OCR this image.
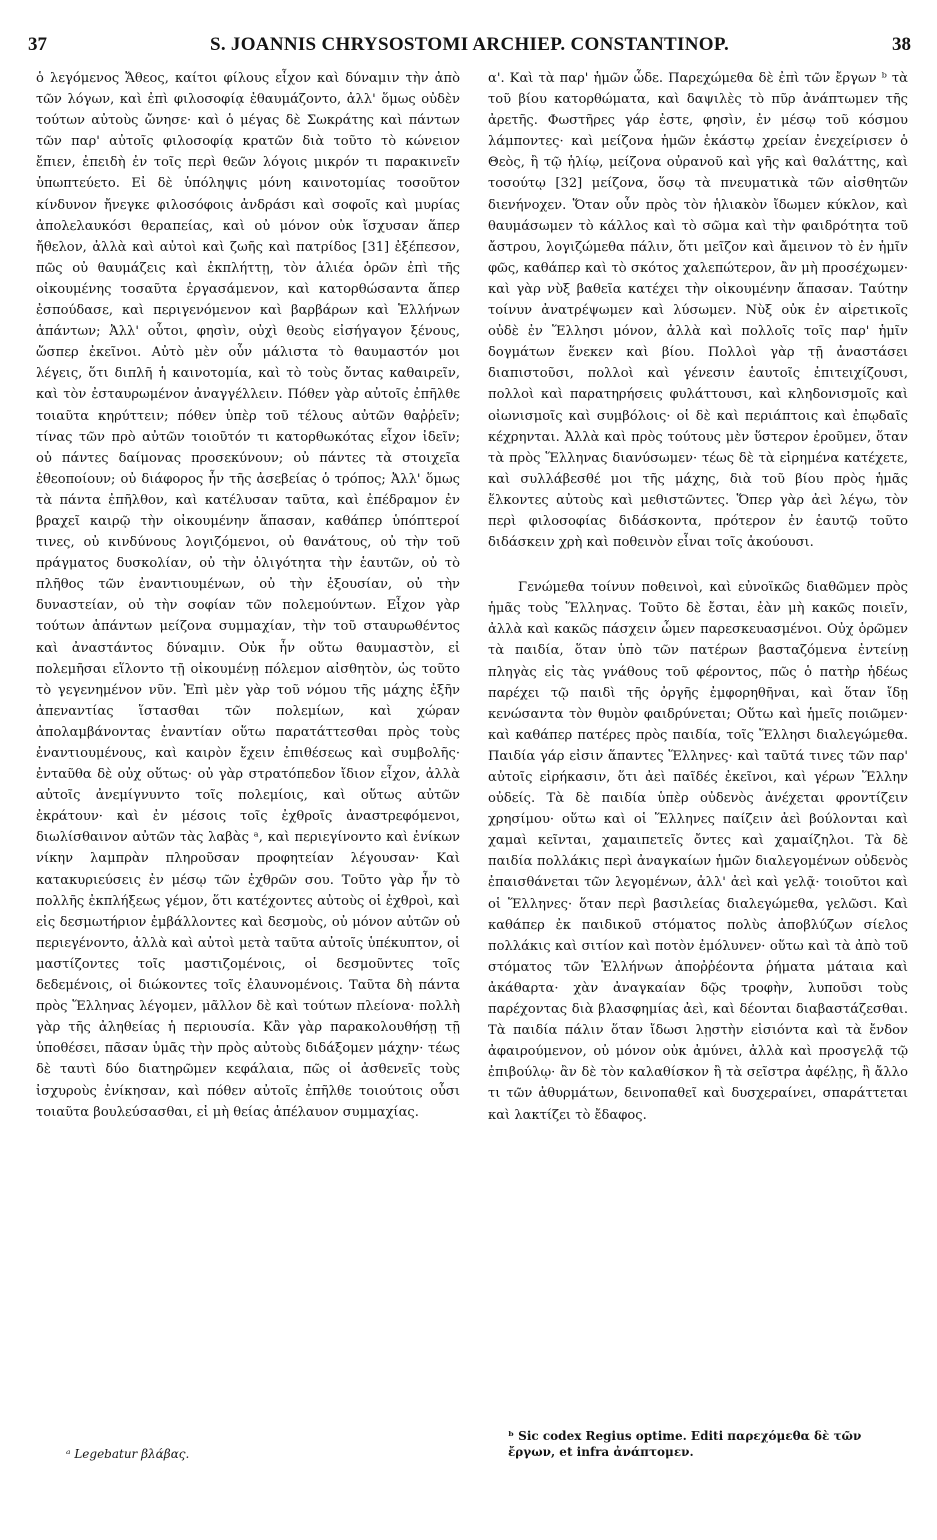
37	S. JOANNIS CHRYSOSTOMI ARCHIEP. CONSTANTINOP.	38

ὁ λεγόμενος Ἄθεος, καίτοι φίλους εἶχον καὶ δύναμιν τὴν ἀπὸ τῶν λόγων, καὶ ἐπὶ φιλοσοφίᾳ ἐθαυμάζοντο, ἀλλ' ὅμως οὐδὲν τούτων αὐτοὺς ὤνησε· καὶ ὁ μέγας δὲ Σωκράτης καὶ πάντων τῶν παρ' αὐτοῖς φιλοσοφίᾳ κρατῶν διὰ τοῦτο τὸ κώνειον ἔπιεν, ἐπειδὴ ἐν τοῖς περὶ θεῶν λόγοις μικρόν τι παρακινεῖν ὑπωπτεύετο. Εἰ δὲ ὑπόληψις μόνη καινοτομίας τοσοῦτον κίνδυνον ἤνεγκε φιλοσόφοις ἀνδράσι καὶ σοφοῖς καὶ μυρίας ἀπολελαυκόσι θεραπείας, καὶ οὐ μόνον οὐκ ἴσχυσαν ἅπερ ἤθελον, ἀλλὰ καὶ αὐτοὶ καὶ ζωῆς καὶ πατρίδος [31] ἐξέπεσον, πῶς οὐ θαυμάζεις καὶ ἐκπλήττῃ, τὸν ἁλιέα ὁρῶν ἐπὶ τῆς οἰκουμένης τοσαῦτα ἐργασάμενον, καὶ κατορθώσαντα ἅπερ ἐσπούδασε, καὶ περιγενόμενον καὶ βαρβάρων καὶ Ἑλλήνων ἁπάντων; Ἀλλ' οὗτοι, φησὶν, οὐχὶ θεοὺς εἰσήγαγον ξένους, ὥσπερ ἐκεῖνοι. Αὐτὸ μὲν οὖν μάλιστα τὸ θαυμαστόν μοι λέγεις, ὅτι διπλῆ ἡ καινοτομία, καὶ τὸ τοὺς ὄντας καθαιρεῖν, καὶ τὸν ἐσταυρωμένον ἀναγγέλλειν. Πόθεν γὰρ αὐτοῖς ἐπῆλθε τοιαῦτα κηρύττειν; πόθεν ὑπὲρ τοῦ τέλους αὐτῶν θαῤῥεῖν; τίνας τῶν πρὸ αὐτῶν τοιοῦτόν τι κατορθωκότας εἶχον ἰδεῖν; οὐ πάντες δαίμονας προσεκύνουν; οὐ πάντες τὰ στοιχεῖα ἐθεοποίουν; οὐ διάφορος ἦν τῆς ἀσεβείας ὁ τρόπος; Ἀλλ' ὅμως τὰ πάντα ἐπῆλθον, καὶ κατέλυσαν ταῦτα, καὶ ἐπέδραμον ἐν βραχεῖ καιρῷ τὴν οἰκουμένην ἅπασαν, καθάπερ ὑπόπτεροί τινες, οὐ κινδύνους λογιζόμενοι, οὐ θανάτους, οὐ τὴν τοῦ πράγματος δυσκολίαν, οὐ τὴν ὀλιγότητα τὴν ἑαυτῶν, οὐ τὸ πλῆθος τῶν ἐναντιουμένων, οὐ τὴν ἐξουσίαν, οὐ τὴν δυναστείαν, οὐ τὴν σοφίαν τῶν πολεμούντων. Εἶχον γὰρ τούτων ἁπάντων μείζονα συμμαχίαν, τὴν τοῦ σταυρωθέντος καὶ ἀναστάντος δύναμιν. Οὐκ ἦν οὕτω θαυμαστὸν, εἰ πολεμῆσαι εἵλοντο τῇ οἰκουμένῃ πόλεμον αἰσθητὸν, ὡς τοῦτο τὸ γεγενημένον νῦν. Ἐπὶ μὲν γὰρ τοῦ νόμου τῆς μάχης ἐξῆν ἀπεναντίας ἵστασθαι τῶν πολεμίων, καὶ χώραν ἀπολαμβάνοντας ἐναντίαν οὕτω παρατάττεσθαι πρὸς τοὺς ἐναντιουμένους, καὶ καιρὸν ἔχειν ἐπιθέσεως καὶ συμβολῆς· ἐνταῦθα δὲ οὐχ οὕτως· οὐ γὰρ στρατόπεδον ἴδιον εἶχον, ἀλλὰ αὐτοῖς ἀνεμίγνυντο τοῖς πολεμίοις, καὶ οὕτως αὐτῶν ἐκράτουν· καὶ ἐν μέσοις τοῖς ἐχθροῖς ἀναστρεφόμενοι, διωλίσθαινον αὐτῶν τὰς λαβὰς ᵃ, καὶ περιεγίνοντο καὶ ἐνίκων νίκην λαμπρὰν πληροῦσαν προφητείαν λέγουσαν· Καὶ κατακυριεύσεις ἐν μέσῳ τῶν ἐχθρῶν σου. Τοῦτο γὰρ ἦν τὸ πολλῆς ἐκπλήξεως γέμον, ὅτι κατέχοντες αὐτοὺς οἱ ἐχθροὶ, καὶ εἰς δεσμωτήριον ἐμβάλλοντες καὶ δεσμοὺς, οὐ μόνον αὐτῶν οὐ περιεγένοντο, ἀλλὰ καὶ αὐτοὶ μετὰ ταῦτα αὐτοῖς ὑπέκυπτον, οἱ μαστίζοντες τοῖς μαστιζομένοις, οἱ δεσμοῦντες τοῖς δεδεμένοις, οἱ διώκοντες τοῖς ἐλαυνομένοις. Ταῦτα δὴ πάντα πρὸς Ἕλληνας λέγομεν, μᾶλλον δὲ καὶ τούτων πλείονα· πολλὴ γὰρ τῆς ἀληθείας ἡ περιουσία. Κἂν γὰρ παρακολουθήσῃ τῇ ὑποθέσει, πᾶσαν ὑμᾶς τὴν πρὸς αὐτοὺς διδάξομεν μάχην· τέως δὲ ταυτὶ δύο διατηρῶμεν κεφάλαια, πῶς οἱ ἀσθενεῖς τοὺς ἰσχυροὺς ἐνίκησαν, καὶ πόθεν αὐτοῖς ἐπῆλθε τοιούτοις οὖσι τοιαῦτα βουλεύσασθαι, εἰ μὴ θείας ἀπέλαυον συμμαχίας.

α'. Καὶ τὰ παρ' ἡμῶν ὧδε. Παρεχώμεθα δὲ ἐπὶ τῶν ἔργων ᵇ τὰ τοῦ βίου κατορθώματα, καὶ δαψιλὲς τὸ πῦρ ἀνάπτωμεν τῆς ἀρετῆς. Φωστῆρες γάρ ἐστε, φησὶν, ἐν μέσῳ τοῦ κόσμου λάμποντες· καὶ μείζονα ἡμῶν ἑκάστῳ χρείαν ἐνεχείρισεν ὁ Θεὸς, ἢ τῷ ἡλίῳ, μείζονα οὐρανοῦ καὶ γῆς καὶ θαλάττης, καὶ τοσούτῳ [32] μείζονα, ὅσῳ τὰ πνευματικὰ τῶν αἰσθητῶν διενήνοχεν. Ὅταν οὖν πρὸς τὸν ἡλιακὸν ἴδωμεν κύκλον, καὶ θαυμάσωμεν τὸ κάλλος καὶ τὸ σῶμα καὶ τὴν φαιδρότητα τοῦ ἄστρου, λογιζώμεθα πάλιν, ὅτι μεῖζον καὶ ἄμεινον τὸ ἐν ἡμῖν φῶς, καθάπερ καὶ τὸ σκότος χαλεπώτερον, ἂν μὴ προσέχωμεν· καὶ γὰρ νὺξ βαθεῖα κατέχει τὴν οἰκουμένην ἅπασαν. Ταύτην τοίνυν ἀνατρέψωμεν καὶ λύσωμεν. Νὺξ οὐκ ἐν αἱρετικοῖς οὐδὲ ἐν Ἕλλησι μόνον, ἀλλὰ καὶ πολλοῖς τοῖς παρ' ἡμῖν δογμάτων ἕνεκεν καὶ βίου. Πολλοὶ γὰρ τῇ ἀναστάσει διαπιστοῦσι, πολλοὶ καὶ γένεσιν ἑαυτοῖς ἐπιτειχίζουσι, πολλοὶ καὶ παρατηρήσεις φυλάττουσι, καὶ κληδονισμοῖς καὶ οἰωνισμοῖς καὶ συμβόλοις· οἱ δὲ καὶ περιάπτοις καὶ ἐπῳδαῖς κέχρηνται. Ἀλλὰ καὶ πρὸς τούτους μὲν ὕστερον ἐροῦμεν, ὅταν τὰ πρὸς Ἕλληνας διανύσωμεν· τέως δὲ τὰ εἰρημένα κατέχετε, καὶ συλλάβεσθέ μοι τῆς μάχης, διὰ τοῦ βίου πρὸς ἡμᾶς ἕλκοντες αὐτοὺς καὶ μεθιστῶντες. Ὅπερ γὰρ ἀεὶ λέγω, τὸν περὶ φιλοσοφίας διδάσκοντα, πρότερον ἐν ἑαυτῷ τοῦτο διδάσκειν χρὴ καὶ ποθεινὸν εἶναι τοῖς ἀκούουσι.

Γενώμεθα τοίνυν ποθεινοὶ, καὶ εὐνοϊκῶς διαθῶμεν πρὸς ἡμᾶς τοὺς Ἕλληνας. Τοῦτο δὲ ἔσται, ἐὰν μὴ κακῶς ποιεῖν, ἀλλὰ καὶ κακῶς πάσχειν ὦμεν παρεσκευασμένοι. Οὐχ ὁρῶμεν τὰ παιδία, ὅταν ὑπὸ τῶν πατέρων βασταζόμενα ἐντείνῃ πληγὰς εἰς τὰς γνάθους τοῦ φέροντος, πῶς ὁ πατὴρ ἡδέως παρέχει τῷ παιδὶ τῆς ὀργῆς ἐμφορηθῆναι, καὶ ὅταν ἴδῃ κενώσαντα τὸν θυμὸν φαιδρύνεται; Οὕτω καὶ ἡμεῖς ποιῶμεν· καὶ καθάπερ πατέρες πρὸς παιδία, τοῖς Ἕλλησι διαλεγώμεθα. Παιδία γάρ εἰσιν ἅπαντες Ἕλληνες· καὶ ταῦτά τινες τῶν παρ' αὐτοῖς εἰρήκασιν, ὅτι ἀεὶ παῖδές ἐκεῖνοι, καὶ γέρων Ἕλλην οὐδείς. Τὰ δὲ παιδία ὑπὲρ οὐδενὸς ἀνέχεται φροντίζειν χρησίμου· οὕτω καὶ οἱ Ἕλληνες παίζειν ἀεὶ βούλονται καὶ χαμαὶ κεῖνται, χαμαιπετεῖς ὄντες καὶ χαμαίζηλοι. Τὰ δὲ παιδία πολλάκις περὶ ἀναγκαίων ἡμῶν διαλεγομένων οὐδενὸς ἐπαισθάνεται τῶν λεγομένων, ἀλλ' ἀεὶ καὶ γελᾷ· τοιοῦτοι καὶ οἱ Ἕλληνες· ὅταν περὶ βασιλείας διαλεγώμεθα, γελῶσι. Καὶ καθάπερ ἐκ παιδικοῦ στόματος πολὺς ἀποβλύζων σίελος πολλάκις καὶ σιτίον καὶ ποτὸν ἐμόλυνεν· οὕτω καὶ τὰ ἀπὸ τοῦ στόματος τῶν Ἑλλήνων ἀποῤῥέοντα ῥήματα μάταια καὶ ἀκάθαρτα· χὰν ἀναγκαίαν δῷς τροφὴν, λυποῦσι τοὺς παρέχοντας διὰ βλασφημίας ἀεὶ, καὶ δέονται διαβαστάζεσθαι. Τὰ παιδία πάλιν ὅταν ἴδωσι λῃστὴν εἰσιόντα καὶ τὰ ἔνδον ἀφαιρούμενον, οὐ μόνον οὐκ ἀμύνει, ἀλλὰ καὶ προσγελᾷ τῷ ἐπιβούλῳ· ἂν δὲ τὸν καλαθίσκον ἢ τὰ σεῖστρα ἀφέλῃς, ἢ ἄλλο τι τῶν ἀθυρμάτων, δεινοπαθεῖ καὶ δυσχεραίνει, σπαράττεται καὶ λακτίζει τὸ ἔδαφος.

ᵃ Legebatur βλάβας.
ᵇ Sic codex Regius optime. Editi παρεχόμεθα δὲ τῶν ἔργων, et infra ἀνάπτομεν.
